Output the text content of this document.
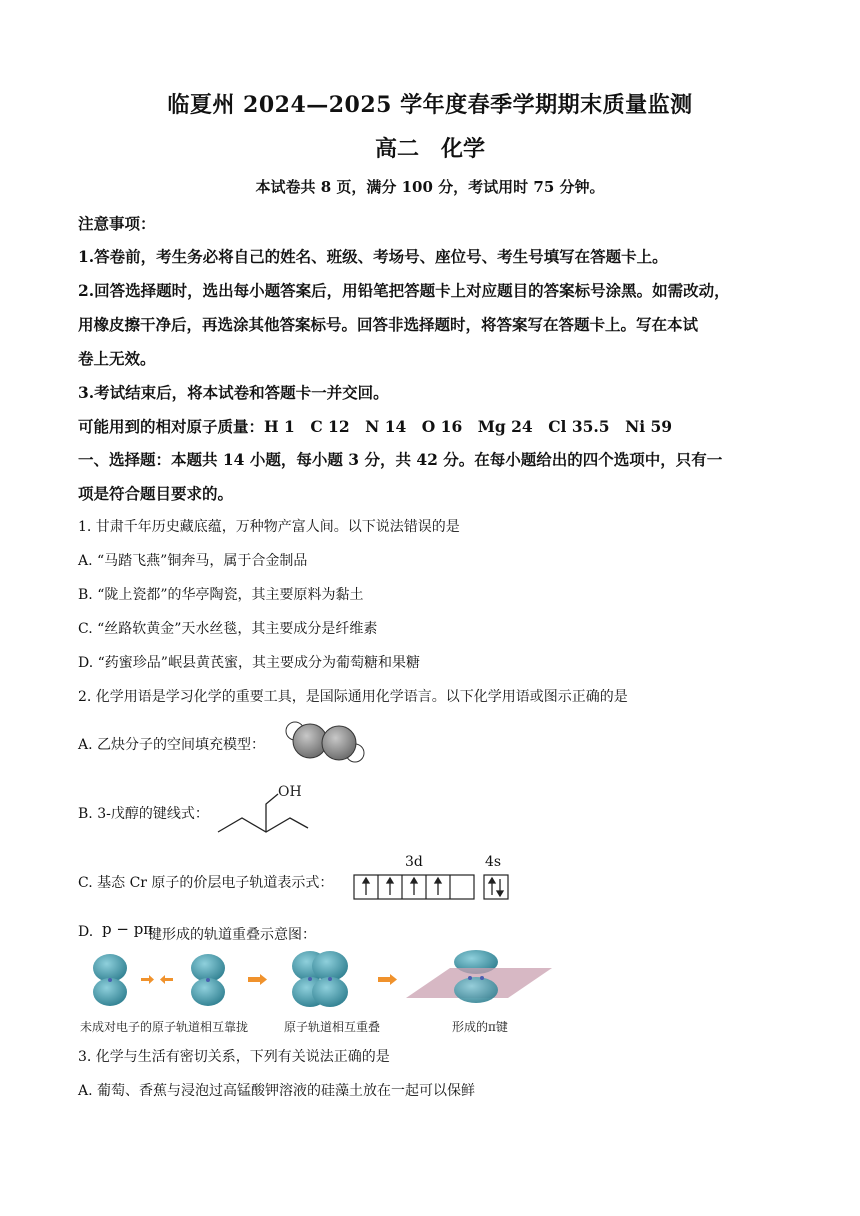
临夏州 2024—2025 学年度春季学期期末质量监测
高二　化学
本试卷共 8 页，满分 100 分，考试用时 75 分钟。
注意事项：
1.答卷前，考生务必将自己的姓名、班级、考场号、座位号、考生号填写在答题卡上。
2.回答选择题时，选出每小题答案后，用铅笔把答题卡上对应题目的答案标号涂黑。如需改动，
用橡皮擦干净后，再选涂其他答案标号。回答非选择题时，将答案写在答题卡上。写在本试
卷上无效。
3.考试结束后，将本试卷和答题卡一并交回。
可能用到的相对原子质量：H 1　C 12　N 14　O 16　Mg 24　Cl 35.5　Ni 59
一、选择题：本题共 14 小题，每小题 3 分，共 42 分。在每小题给出的四个选项中，只有一
项是符合题目要求的。
1. 甘肃千年历史藏底蕴，万种物产富人间。以下说法错误的是
A. “马踏飞燕”铜奔马，属于合金制品
B. “陇上瓷都”的华亭陶瓷，其主要原料为黏土
C. “丝路软黄金”天水丝毯，其主要成分是纤维素
D. “药蜜珍品”岷县黄芪蜜，其主要成分为葡萄糖和果糖
2. 化学用语是学习化学的重要工具，是国际通用化学语言。以下化学用语或图示正确的是
A. 乙炔分子的空间填充模型：
B. 3-戊醇的键线式：
OH
C. 基态 Cr 原子的价层电子轨道表示式：
3d	4s
D. p − pπ
键形成的轨道重叠示意图：
未成对电子的原子轨道相互靠拢	原子轨道相互重叠	形成的π键
3. 化学与生活有密切关系，下列有关说法正确的是
A. 葡萄、香蕉与浸泡过高锰酸钾溶液的硅藻土放在一起可以保鲜
